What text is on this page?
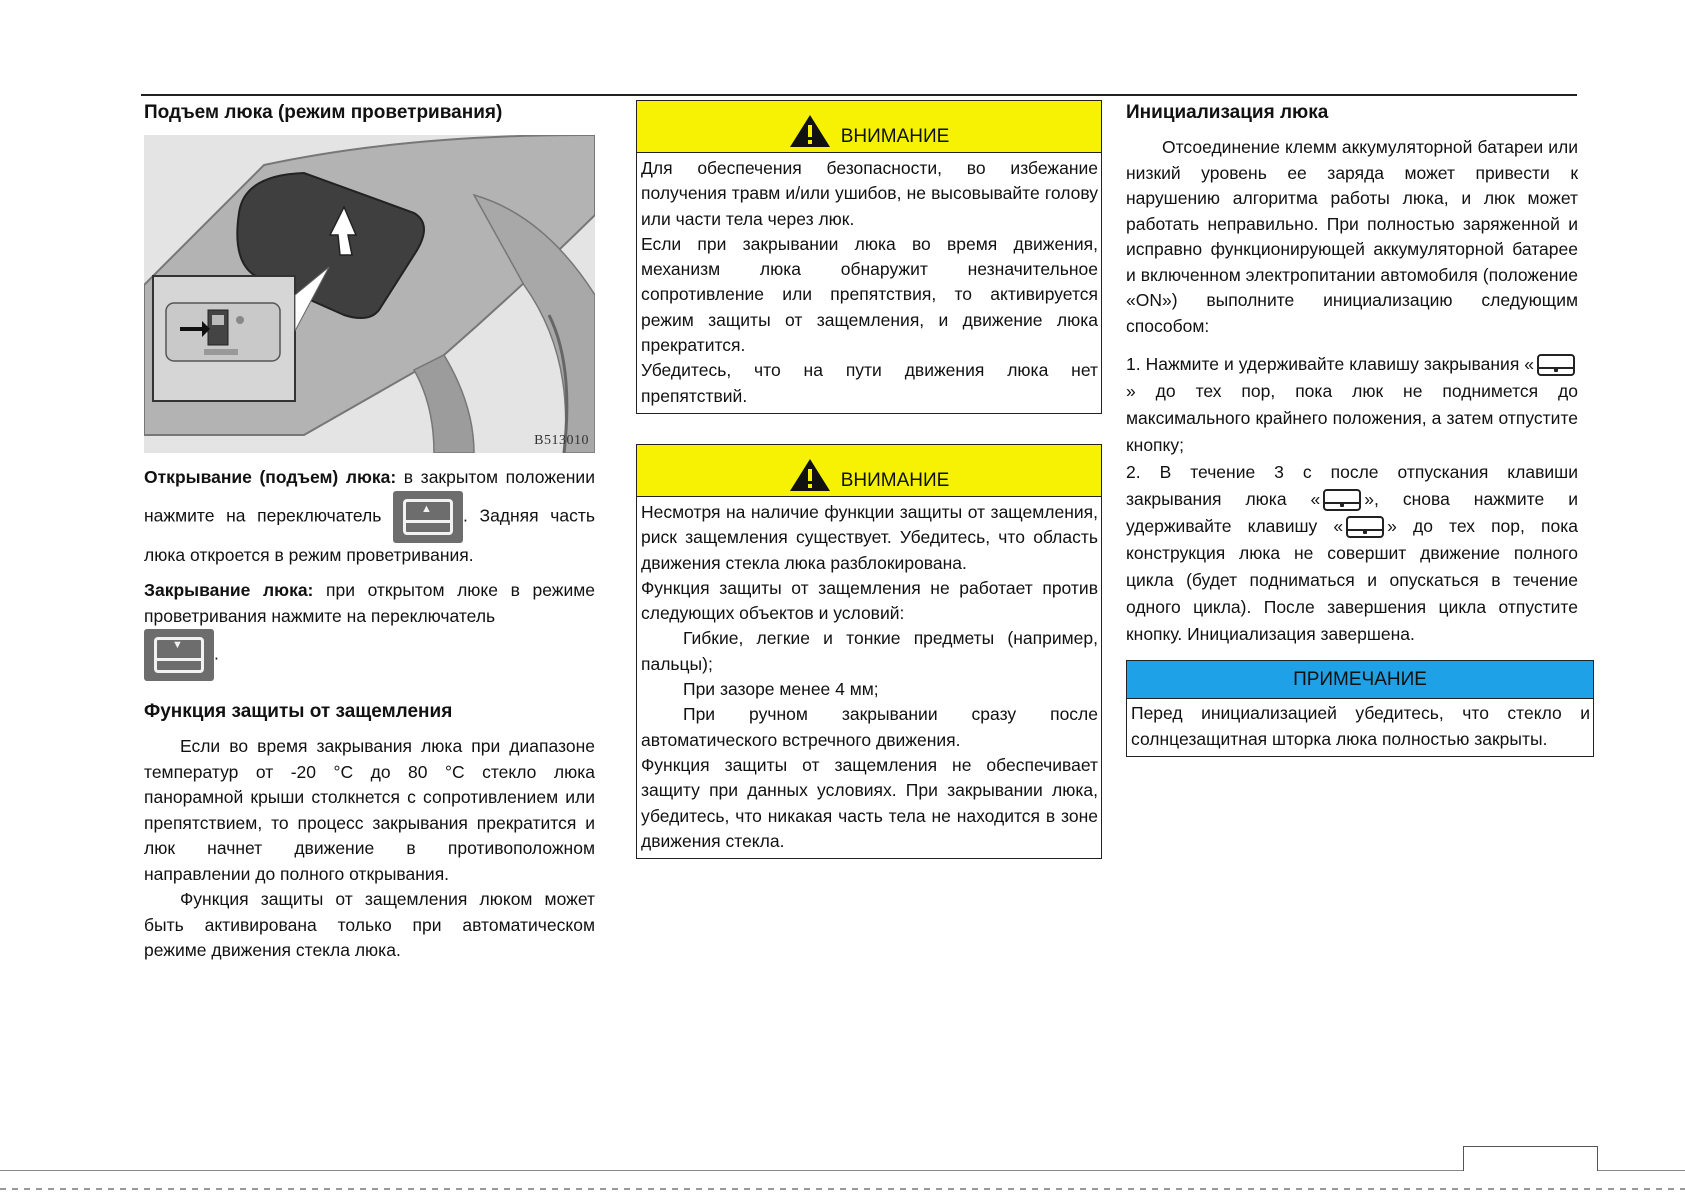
Подъем люка (режим проветривания)
B513010

Открывание (подъем) люка: в закрытом положении нажмите на переключатель	▲ . Задняя часть люка откроется в режим проветривания.

Закрывание люка: при открытом люке в режиме проветривания нажмите на переключатель

▼ .

Функция защиты от защемления

Если во время закрывания люка при диапазоне температур от -20 °С до 80 °С стекло люка панорамной крыши столкнется с сопротивлением или препятствием, то процесс закрывания прекратится и люк начнет движение в противоположном направлении до полного открывания.

Функция защиты от защемления люком может быть активирована только при автоматическом режиме движения стекла люка.

ВНИМАНИЕ

Для обеспечения безопасности, во избежание получения травм и/или ушибов, не высовывайте голову или части тела через люк.

Если при закрывании люка во время движения, механизм люка обнаружит незначительное сопротивление или препятствия, то активируется режим защиты от защемления, и движение люка прекратится.

Убедитесь, что на пути движения люка нет препятствий.

ВНИМАНИЕ

Несмотря на наличие функции защиты от защемления, риск защемления существует. Убедитесь, что область движения стекла люка разблокирована.

Функция защиты от защемления не работает против следующих объектов и условий:

Гибкие, легкие и тонкие предметы (например, пальцы);

При зазоре менее 4 мм;

При ручном закрывании сразу после автоматического встречного движения.

Функция защиты от защемления не обеспечивает защиту при данных условиях. При закрывании люка, убедитесь, что никакая часть тела не находится в зоне движения стекла.

Инициализация люка

Отсоединение клемм аккумуляторной батареи или низкий уровень ее заряда может привести к нарушению алгоритма работы люка, и люк может работать неправильно. При полностью заряженной и исправно функционирующей аккумуляторной батарее и включенном электропитании автомобиля (положение «ON») выполните инициализацию следующим способом:

1. Нажмите и удерживайте клавишу закрывания «» до тех пор, пока люк не поднимется до максимального крайнего положения, а затем отпустите кнопку;
2. В течение 3 с после отпускания клавиши закрывания люка «	», снова нажмите и удерживайте клавишу «	» до тех пор, пока конструкция люка не совершит движение полного цикла (будет подниматься и опускаться в течение одного цикла). После завершения цикла отпустите кнопку. Инициализация завершена.
ПРИМЕЧАНИЕ
Перед инициализацией убедитесь, что стекло и солнцезащитная шторка люка полностью закрыты.
